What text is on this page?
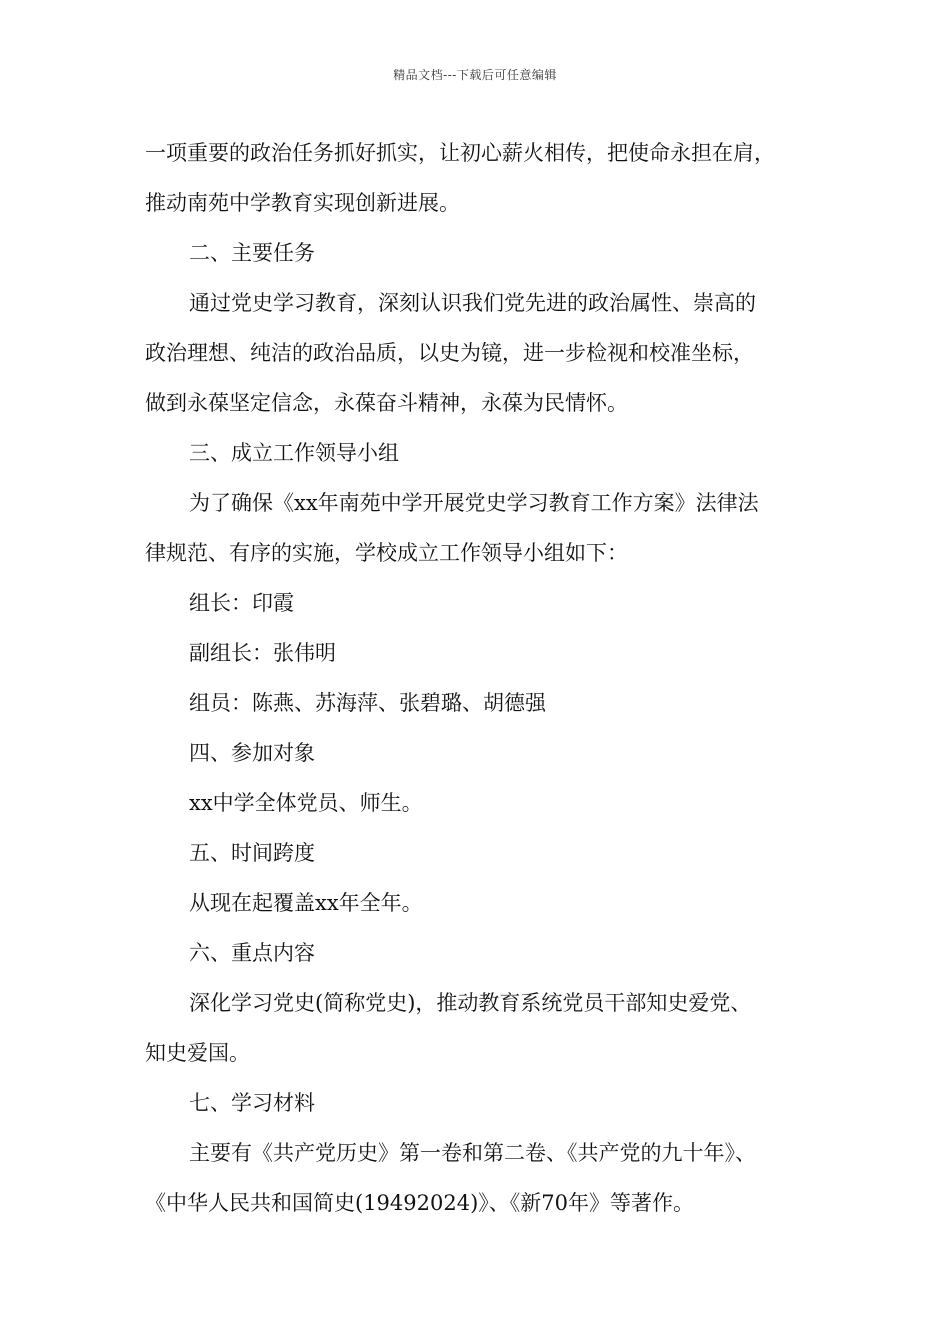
精品文档---下载后可任意编辑
一项重要的政治任务抓好抓实，让初心薪火相传，把使命永担在肩，
推动南苑中学教育实现创新进展。
二、主要任务
通过党史学习教育，深刻认识我们党先进的政治属性、崇高的
政治理想、纯洁的政治品质，以史为镜，进一步检视和校准坐标，
做到永葆坚定信念，永葆奋斗精神，永葆为民情怀。
三、成立工作领导小组
为了确保《xx年南苑中学开展党史学习教育工作方案》法律法
律规范、有序的实施，学校成立工作领导小组如下：
组长：印霞
副组长：张伟明
组员：陈燕、苏海萍、张碧璐、胡德强
四、参加对象
xx中学全体党员、师生。
五、时间跨度
从现在起覆盖xx年全年。
六、重点内容
深化学习党史(简称党史)，推动教育系统党员干部知史爱党、
知史爱国。
七、学习材料
主要有《共产党历史》第一卷和第二卷、《共产党的九十年》、
《中华人民共和国简史(19492024)》、《新70年》等著作。
